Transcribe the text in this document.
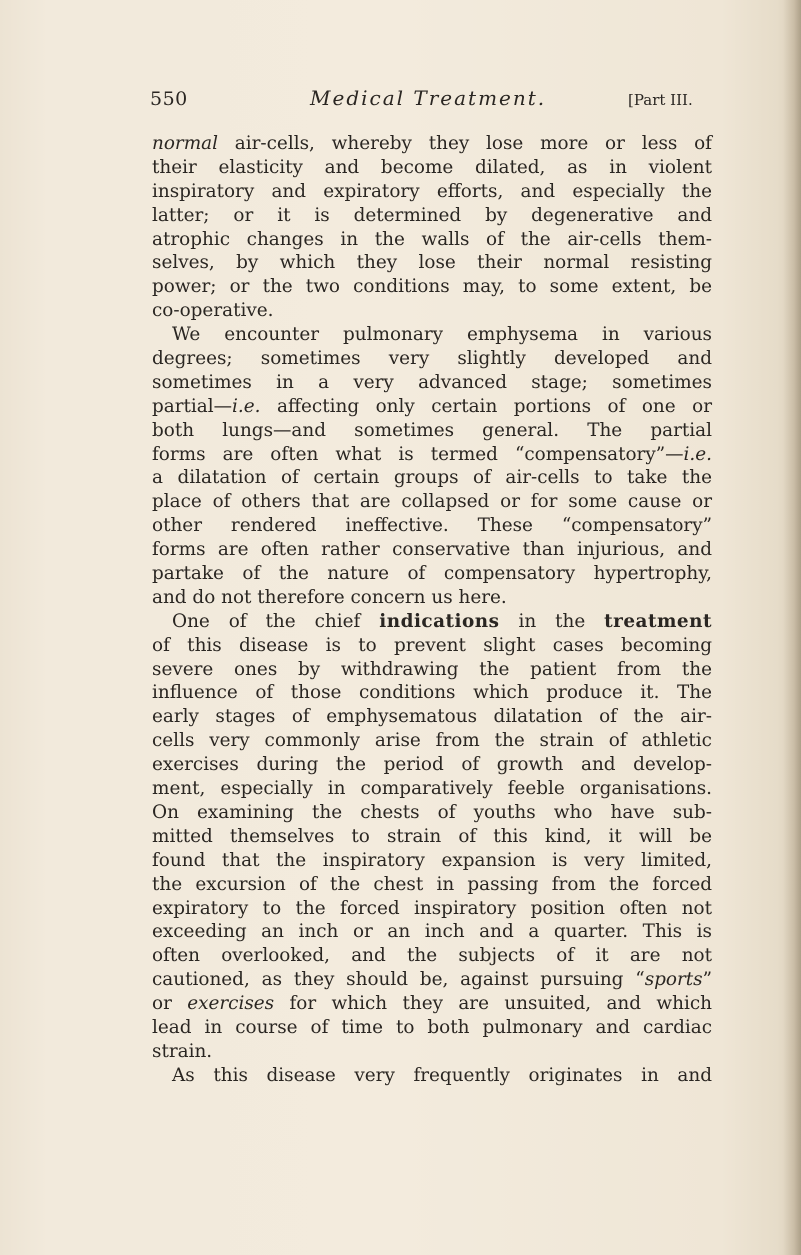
550	Medical Treatment.	[Part III.
normal air-cells, whereby they lose more or less of
their elasticity and become dilated, as in violent
inspiratory and expiratory efforts, and especially the
latter; or it is determined by degenerative and
atrophic changes in the walls of the air-cells them-
selves, by which they lose their normal resisting
power; or the two conditions may, to some extent, be
co-operative.
We encounter pulmonary emphysema in various
degrees; sometimes very slightly developed and
sometimes in a very advanced stage; sometimes
partial—i.e. affecting only certain portions of one or
both lungs—and sometimes general. The partial
forms are often what is termed “compensatory”—i.e.
a dilatation of certain groups of air-cells to take the
place of others that are collapsed or for some cause or
other rendered ineffective. These “compensatory”
forms are often rather conservative than injurious, and
partake of the nature of compensatory hypertrophy,
and do not therefore concern us here.
One of the chief indications in the treatment
of this disease is to prevent slight cases becoming
severe ones by withdrawing the patient from the
influence of those conditions which produce it. The
early stages of emphysematous dilatation of the air-
cells very commonly arise from the strain of athletic
exercises during the period of growth and develop-
ment, especially in comparatively feeble organisations.
On examining the chests of youths who have sub-
mitted themselves to strain of this kind, it will be
found that the inspiratory expansion is very limited,
the excursion of the chest in passing from the forced
expiratory to the forced inspiratory position often not
exceeding an inch or an inch and a quarter. This is
often overlooked, and the subjects of it are not
cautioned, as they should be, against pursuing “sports”
or exercises for which they are unsuited, and which
lead in course of time to both pulmonary and cardiac
strain.
As this disease very frequently originates in and
